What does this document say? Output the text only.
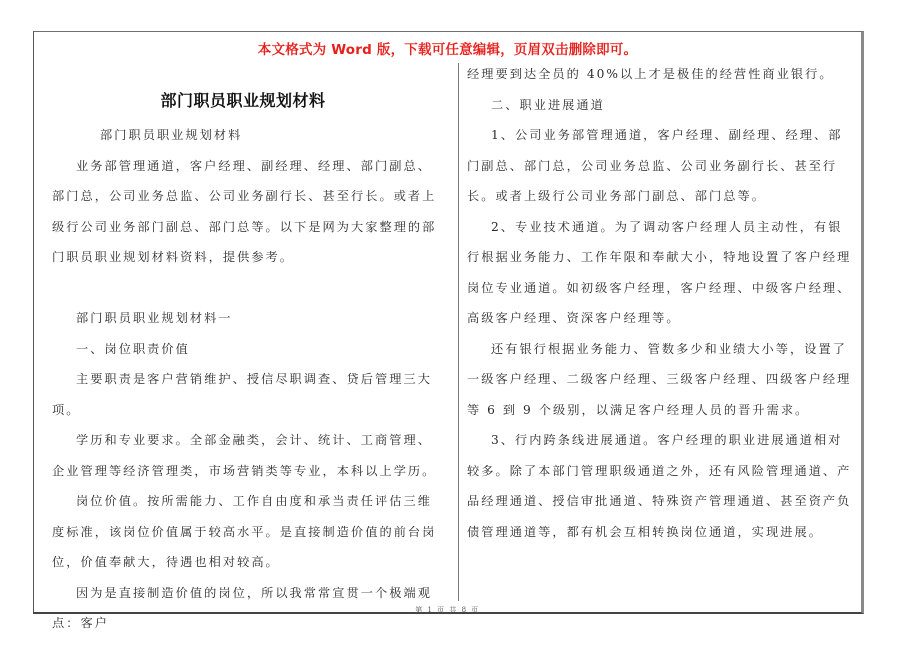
本文格式为 Word 版，下载可任意编辑，页眉双击删除即可。
部门职员职业规划材料

部门职员职业规划材料

业务部管理通道，客户经理、副经理、经理、部门副总、部门总，公司业务总监、公司业务副行长、甚至行长。或者上级行公司业务部门副总、部门总等。以下是网为大家整理的部门职员职业规划材料资料，提供参考。

部门职员职业规划材料一

一、岗位职责价值

主要职责是客户营销维护、授信尽职调查、贷后管理三大项。

学历和专业要求。全部金融类，会计、统计、工商管理、企业管理等经济管理类，市场营销类等专业，本科以上学历。

岗位价值。按所需能力、工作自由度和承当责任评估三维度标准，该岗位价值属于较高水平。是直接制造价值的前台岗位，价值奉献大，待遇也相对较高。

因为是直接制造价值的岗位，所以我常常宣贯一个极端观点：客户

经理要到达全员的 40%以上才是极佳的经营性商业银行。

二、职业进展通道

1、公司业务部管理通道，客户经理、副经理、经理、部门副总、部门总，公司业务总监、公司业务副行长、甚至行长。或者上级行公司业务部门副总、部门总等。

2、专业技术通道。为了调动客户经理人员主动性，有银行根据业务能力、工作年限和奉献大小，特地设置了客户经理岗位专业通道。如初级客户经理，客户经理、中级客户经理、高级客户经理、资深客户经理等。

还有银行根据业务能力、管数多少和业绩大小等，设置了一级客户经理、二级客户经理、三级客户经理、四级客户经理等 6 到 9 个级别，以满足客户经理人员的晋升需求。

3、行内跨条线进展通道。客户经理的职业进展通道相对较多。除了本部门管理职级通道之外，还有风险管理通道、产品经理通道、授信审批通道、特殊资产管理通道、甚至资产负债管理通道等，都有机会互相转换岗位通道，实现进展。

第 1 页 共 8 页
